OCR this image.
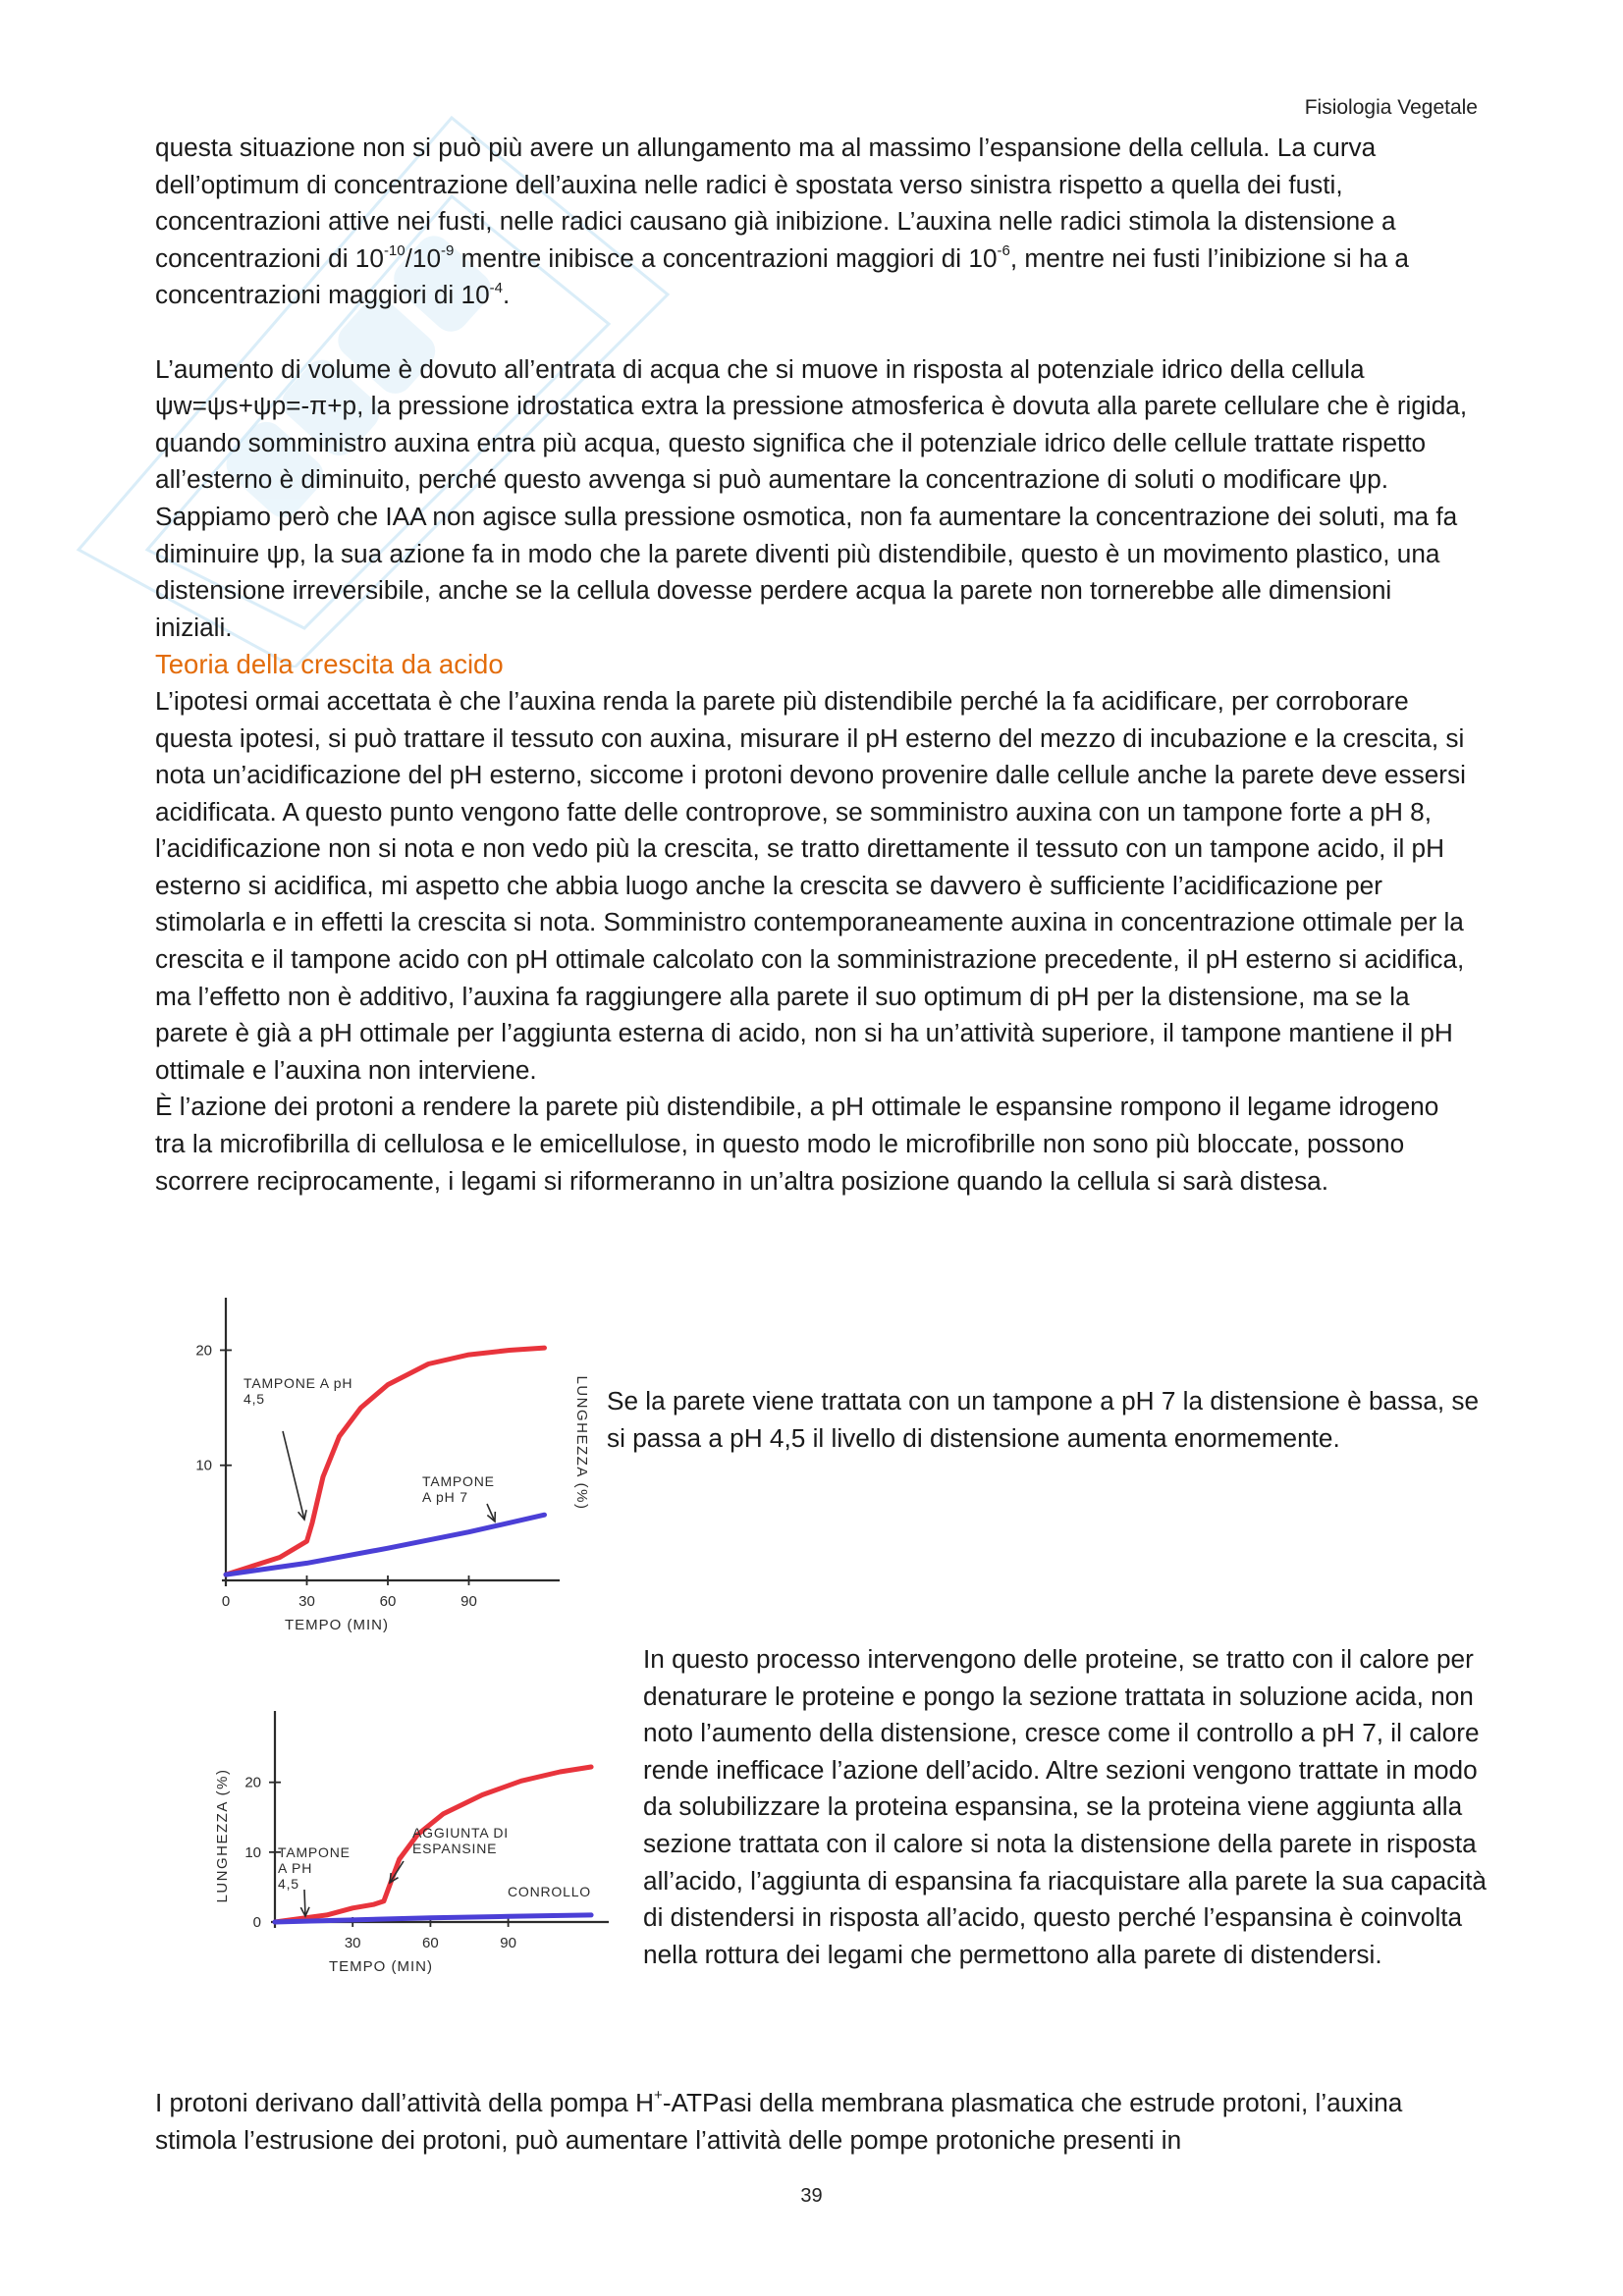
Fisiologia Vegetale

questa situazione non si può più avere un allungamento ma al massimo l’espansione della cellula. La curva dell’optimum di concentrazione dell’auxina nelle radici è spostata verso sinistra rispetto a quella dei fusti, concentrazioni attive nei fusti, nelle radici causano già inibizione. L’auxina nelle radici stimola la distensione a concentrazioni di $10^{-10}/10^{-9}$ mentre inibisce a concentrazioni maggiori di $10^{-6}$, mentre nei fusti l’inibizione si ha a concentrazioni maggiori di $10^{-4}$.

L’aumento di volume è dovuto all’entrata di acqua che si muove in risposta al potenziale idrico della cellula ψw=ψs+ψp=-π+p, la pressione idrostatica extra la pressione atmosferica è dovuta alla parete cellulare che è rigida, quando somministro auxina entra più acqua, questo significa che il potenziale idrico delle cellule trattate rispetto all’esterno è diminuito, perché questo avvenga si può aumentare la concentrazione di soluti o modificare ψp. Sappiamo però che IAA non agisce sulla pressione osmotica, non fa aumentare la concentrazione dei soluti, ma fa diminuire ψp, la sua azione fa in modo che la parete diventi più distendibile, questo è un movimento plastico, una distensione irreversibile, anche se la cellula dovesse perdere acqua la parete non tornerebbe alle dimensioni iniziali.

Teoria della crescita da acido

L’ipotesi ormai accettata è che l’auxina renda la parete più distendibile perché la fa acidificare, per corroborare questa ipotesi, si può trattare il tessuto con auxina, misurare il pH esterno del mezzo di incubazione e la crescita, si nota un’acidificazione del pH esterno, siccome i protoni devono provenire dalle cellule anche la parete deve essersi acidificata. A questo punto vengono fatte delle controprove, se somministro auxina con un tampone forte a pH 8, l’acidificazione non si nota e non vedo più la crescita, se tratto direttamente il tessuto con un tampone acido, il pH esterno si acidifica, mi aspetto che abbia luogo anche la crescita se davvero è sufficiente l’acidificazione per stimolarla e in effetti la crescita si nota. Somministro contemporaneamente auxina in concentrazione ottimale per la crescita e il tampone acido con pH ottimale calcolato con la somministrazione precedente, il pH esterno si acidifica, ma l’effetto non è additivo, l’auxina fa raggiungere alla parete il suo optimum di pH per la distensione, ma se la parete è già a pH ottimale per l’aggiunta esterna di acido, non si ha un’attività superiore, il tampone mantiene il pH ottimale e l’auxina non interviene.

È l’azione dei protoni a rendere la parete più distendibile, a pH ottimale le espansine rompono il legame idrogeno tra la microfibrilla di cellulosa e le emicellulose, in questo modo le microfibrille non sono più bloccate, possono scorrere reciprocamente, i legami si riformeranno in un’altra posizione quando la cellula si sarà distesa.

0	30	60	90
10
20
TEMPO (MIN)
LUNGHEZZA (%)
TAMPONE A pH
4,5
TAMPONE
A pH 7
Se la parete viene trattata con un tampone a pH 7 la distensione è bassa, se si passa a pH 4,5 il livello di distensione aumenta enormemente.
30	60	90
0
10
20
TEMPO (MIN)
LUNGHEZZA (%)	TAMPONE
A PH
4,5
AGGIUNTA DI
ESPANSINE
CONROLLO
In questo processo intervengono delle proteine, se tratto con il calore per denaturare le proteine e pongo la sezione trattata in soluzione acida, non noto l’aumento della distensione, cresce come il controllo a pH 7, il calore rende inefficace l’azione dell’acido. Altre sezioni vengono trattate in modo da solubilizzare la proteina espansina, se la proteina viene aggiunta alla sezione trattata con il calore si nota la distensione della parete in risposta all’acido, l’aggiunta di espansina fa riacquistare alla parete la sua capacità di distendersi in risposta all’acido, questo perché l’espansina è coinvolta nella rottura dei legami che permettono alla parete di distendersi.

I protoni derivano dall’attività della pompa H+-ATPasi della membrana plasmatica che estrude protoni, l’auxina stimola l’estrusione dei protoni, può aumentare l’attività delle pompe protoniche presenti in

39
